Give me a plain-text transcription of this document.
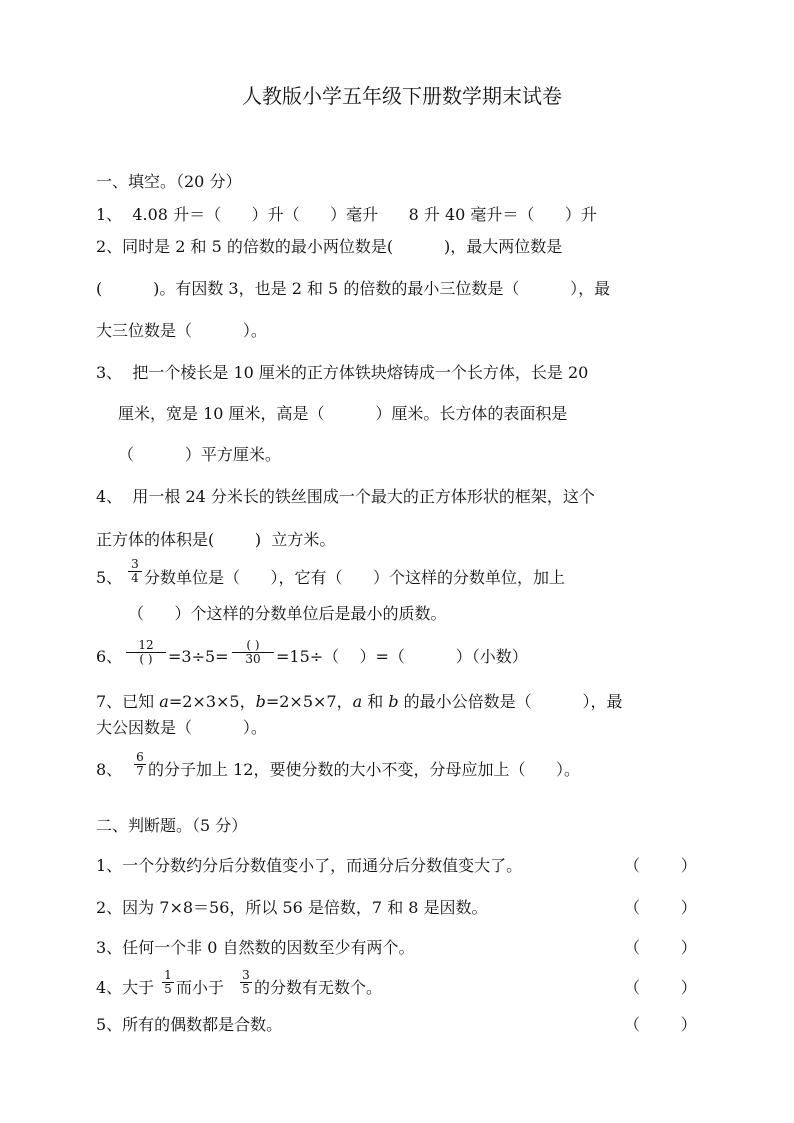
人教版小学五年级下册数学期末试卷
一、填空。（20 分）
1、  4.08 升＝（      ）升（      ）毫升      8 升 40 毫升＝（      ）升
2、同时是 2 和 5 的倍数的最小两位数是(          )，最大两位数是
(          )。有因数 3，也是 2 和 5 的倍数的最小三位数是（          ），最
大三位数是（          ）。
3、  把一个棱长是 10 厘米的正方体铁块熔铸成一个长方体，长是 20
厘米，宽是 10 厘米，高是（          ）厘米。长方体的表面积是
（          ）平方厘米。
4、  用一根 24 分米长的铁丝围成一个最大的正方体形状的框架，这个
正方体的体积是(        )  立方米。
5、
3
4 分数单位是（      ），它有（      ）个这样的分数单位，加上
（      ）个这样的分数单位后是最小的质数。
6、
12
( ) =3÷5=
( )
30 =15÷（    ）=（          ）（小数）
7、已知 a=2×3×5，b=2×5×7，a 和 b 的最小公倍数是（          ），最
大公因数是（          ）。
8、
6
7 的分子加上 12，要使分数的大小不变，分母应加上（      ）。
二、判断题。（5 分）
1、一个分数约分后分数值变小了，而通分后分数值变大了。	（        ）
2、因为 7×8＝56，所以 56 是倍数，7 和 8 是因数。	（        ）
3、任何一个非 0 自然数的因数至少有两个。	（        ）
4、大于
1
5 而小于
3
5 的分数有无数个。	（        ）
5、所有的偶数都是合数。	（        ）
